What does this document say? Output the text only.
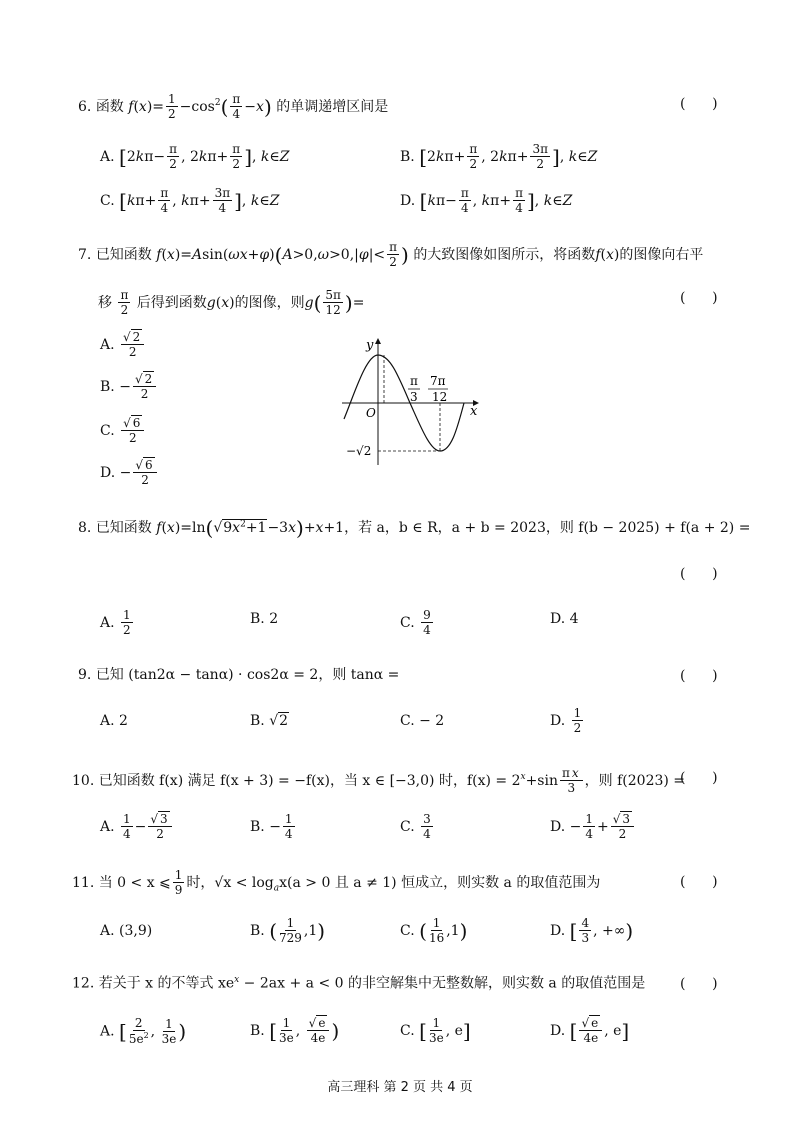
6. 函数 $f(x)= \frac{1}{2} -\cos^2( \frac{\pi}{4} -x)$ 的单调递增区间是	(      )
A. [$2k\pi- \frac{\pi}{2}$ , $2k\pi+ \frac{\pi}{2}$ ], k∈Z	B. [$2k\pi+ \frac{\pi}{2}$ , $2k\pi+ \frac{3\pi}{2}$ ], k∈Z
C. [$k\pi+ \frac{\pi}{4}$ , $k\pi+ \frac{3\pi}{4}$ ], k∈Z	D. [$k\pi- \frac{\pi}{4}$ , $k\pi+ \frac{\pi}{4}$ ], k∈Z
7. 已知函数 $f(x)=Asin(\omega x+\varphi)(A>0,\omega>0,|\varphi|< \frac{\pi}{2}$ ) 的大致图像如图所示，将函数f(x)的图像向右平
移 $\frac{\pi}{2}$ 后得到函数g(x)的图像，则$g( \frac{5\pi}{12}$ )=	(      )
A. $\frac{√ 2}{2}$
B. − $\frac{√ 2}{2}$
C. $\frac{√ 6}{2}$
D. − $\frac{√ 6}{2}$
y
x
O
π
3
7π
12
−√2
8. 已知函数 $f(x)=\ln(√9x^2+1-3x)+x+1$，若 a，b ∈ R，a + b = 2023，则 f(b − 2025) + f(a + 2) =
(      )
A. $\frac{1}{2}$	B. 2	C. $\frac{9}{4}$	D. 4
9. 已知 (tan2α − tanα) · cos2α = 2，则 tanα =	(      )
A. 2	B. √2	C. − 2	D. $\frac{1}{2}$
10. 已知函数 f(x) 满足 f(x + 3) = −f(x)，当 x ∈ [−3,0) 时，$f(x) = 2^x+\sin \frac{\text{π x}}{3}$ ，则 f(2023) =
(      )
A. $\frac{1}{4} - \frac{√ 3}{2}$	B. − $\frac{1}{4}$	C. $\frac{3}{4}$	D. − $\frac{1}{4} + \frac{√ 3}{2}$
11. 当 0 < x ⩽ $\frac{1}{9}$ 时，$√x < \log_ax(a > 0$ 且 a ≠ 1) 恒成立，则实数 a 的取值范围为	(      )
A. (3,9)	B. ( $\frac{1}{729} ,1$)	C. ( $\frac{1}{16} ,1$)	D. [ $\frac{4}{3}$ , +∞)
12. 若关于 x 的不等式 $xe^x - 2ax + a < 0$ 的非空解集中无整数解，则实数 a 的取值范围是 (      )
A. [ $\frac{2}{5e^2}$ , $\frac{1}{3e}$ )	B. [ $\frac{1}{3e}$ , $\frac{√ e}{4e}$ )	C. [ $\frac{1}{3e}$ , e]	D. [ $\frac{√ e}{4e}$ , e]
高三理科 第 2 页 共 4 页
